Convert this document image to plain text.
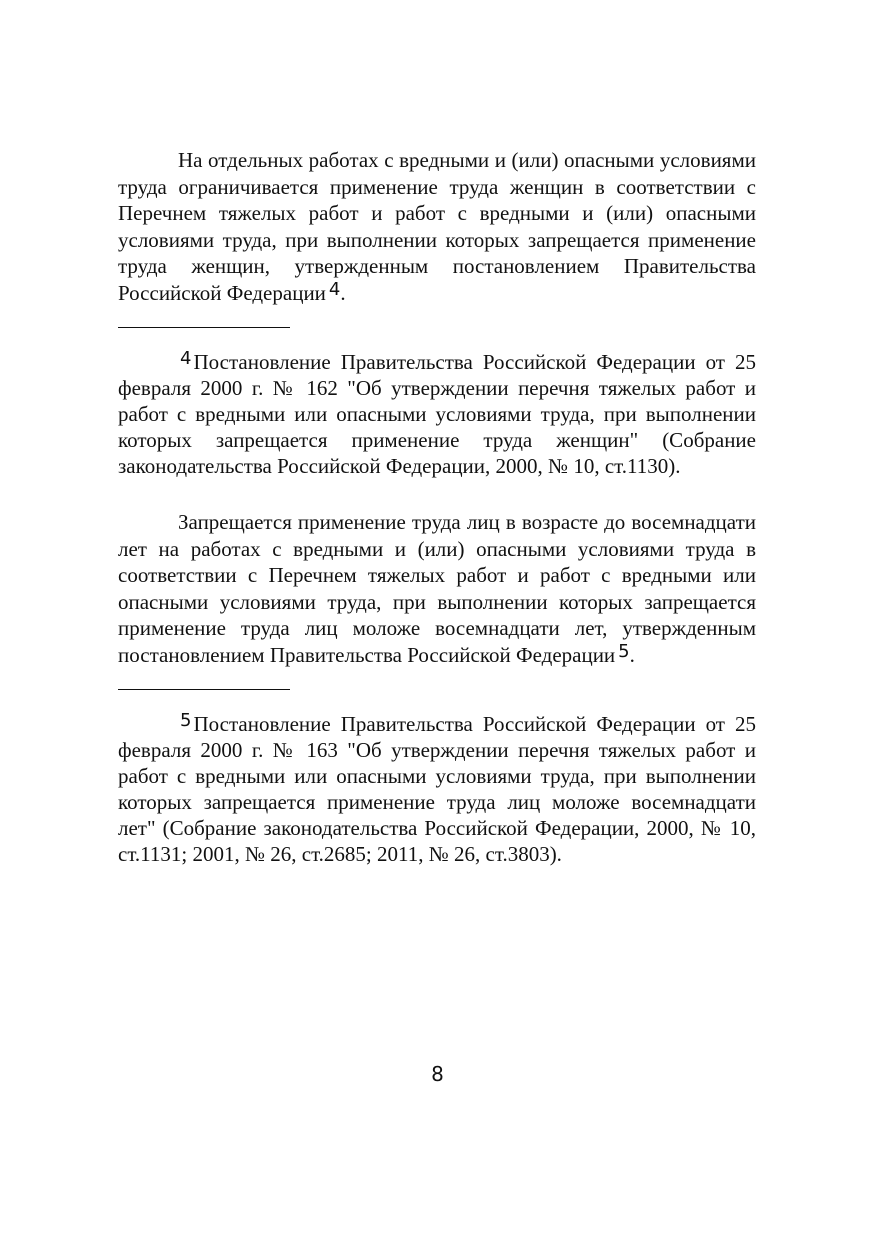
На отдельных работах с вредными и (или) опасными условиями труда ограничивается применение труда женщин в соответствии с Перечнем тяжелых работ и работ с вредными и (или) опасными условиями труда, при выполнении которых запрещается применение труда женщин, утвержденным постановлением Правительства Российской Федерации 4.

4Постановление Правительства Российской Федерации от 25 февраля 2000 г. № 162 "Об утверждении перечня тяжелых работ и работ с вредными или опасными условиями труда, при выполнении которых запрещается применение труда женщин" (Собрание законодательства Российской Федерации, 2000, № 10, ст.1130).

Запрещается применение труда лиц в возрасте до восемнадцати лет на работах с вредными и (или) опасными условиями труда в соответствии с Перечнем тяжелых работ и работ с вредными или опасными условиями труда, при выполнении которых запрещается применение труда лиц моложе восемнадцати лет, утвержденным постановлением Правительства Российской Федерации 5.

5Постановление Правительства Российской Федерации от 25 февраля 2000 г. № 163 "Об утверждении перечня тяжелых работ и работ с вредными или опасными условиями труда, при выполнении которых запрещается применение труда лиц моложе восемнадцати лет" (Собрание законодательства Российской Федерации, 2000, № 10, ст.1131; 2001, № 26, ст.2685; 2011, № 26, ст.3803).

8
